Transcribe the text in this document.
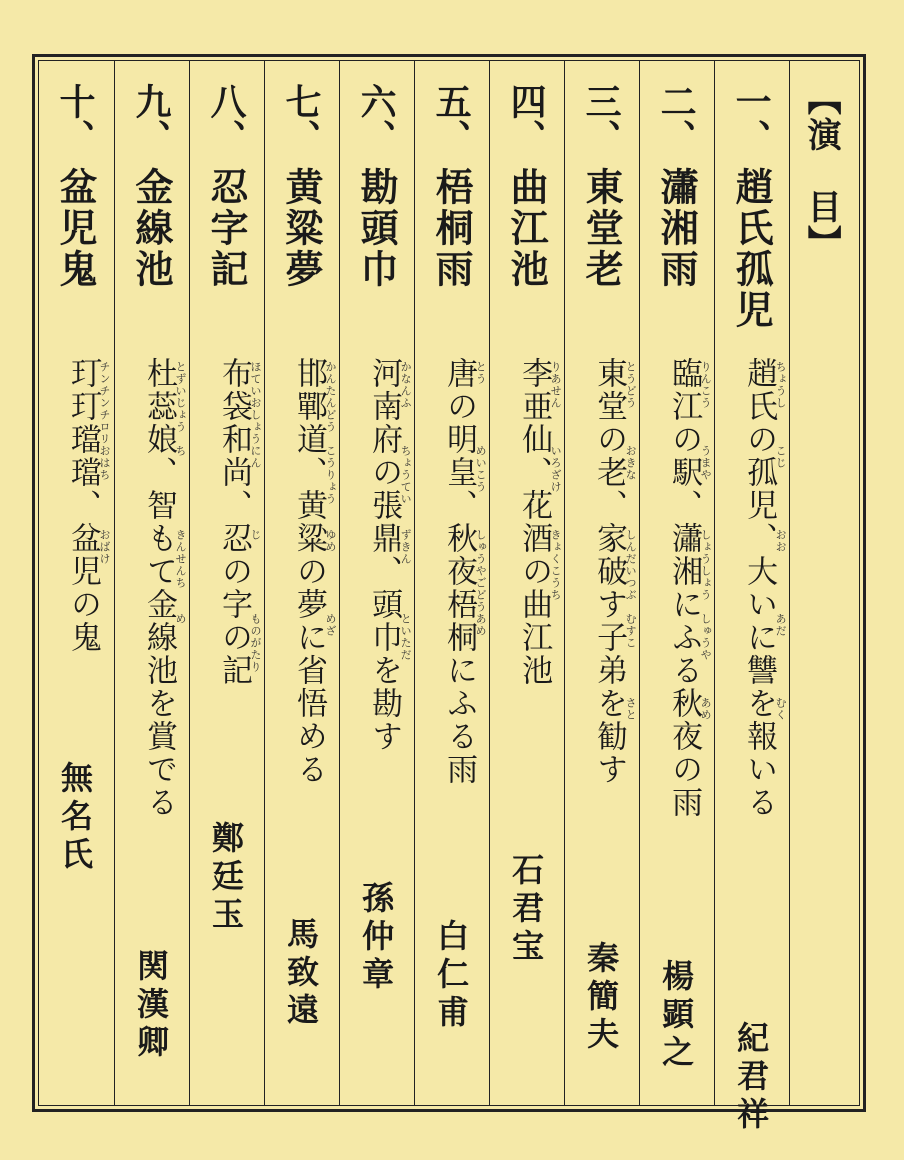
【演　目】
一、
趙氏孤児
趙氏の孤児、大いに讐を報いる
紀君祥
ちょうし
こじ
おお
あだ
むく
二、
瀟湘雨
臨江の駅、瀟湘にふる秋夜の雨
楊顕之
りんこう
うまや
しょうしょう
しゅうや
あめ
三、
東堂老
東堂の老、家破す子弟を勧す
秦簡夫
とうどう
おきな
しんだいつぶ
むすこ
さと
四、
曲江池
李亜仙、花酒の曲江池
石君宝
りあせん
いろざけ
きょくこうち
五、
梧桐雨
唐の明皇、秋夜梧桐にふる雨
白仁甫
とう
めいこう
しゅうやごどう
あめ
六、
勘頭巾
河南府の張鼎、頭巾を勘す
孫仲章
かなんふ
ちょうてい
ずきん
といただ
七、
黄粱夢
邯鄲道、黄粱の夢に省悟める
馬致遠
かんたんどう
こうりょう
ゆめ
めざ
八、
忍字記
布袋和尚、忍の字の記
鄭廷玉
ほていおしょう
にん
じ
ものがたり
九、
金線池
杜蕊娘、智もて金線池を賞でる
関漢卿
とずいじょう
ち
きんせんち
め
十、
盆児鬼
玎玎璫璫、盆児の鬼
無名氏
チンチンチロリ
おはち
おばけ
